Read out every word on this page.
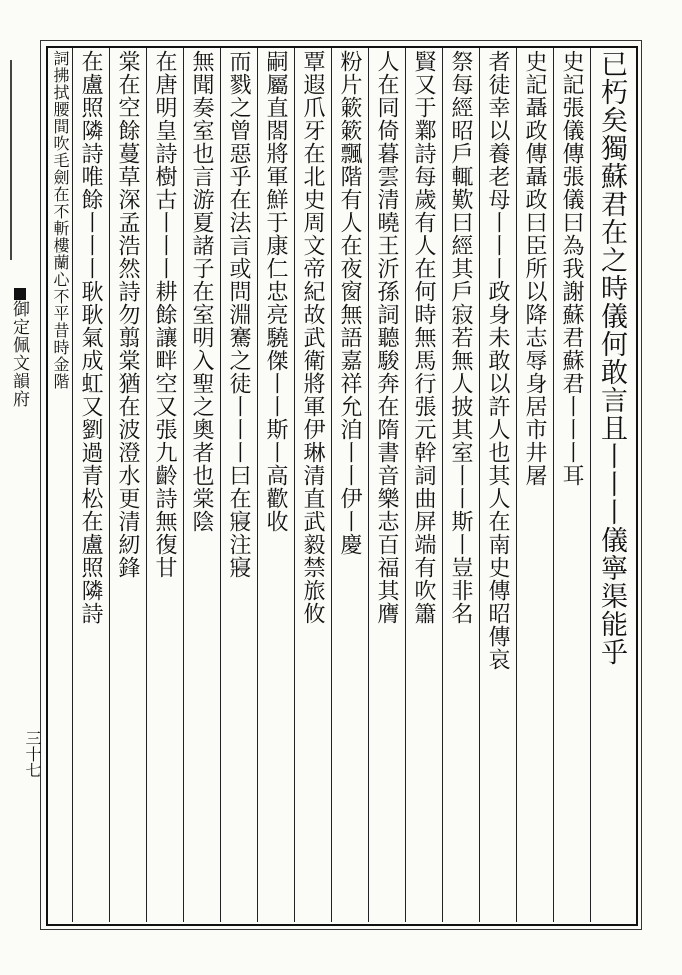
御定佩文韻府
三十七
已朽矣獨蘇君在之時儀何敢言且丨丨丨儀寧渠能乎
史記張儀傳張儀曰為我謝蘇君蘇君丨丨丨耳
史記聶政傳聶政曰臣所以降志辱身居市井屠
者徒幸以養老母丨丨丨政身未敢以許人也其人在南史傳昭傳哀
祭每經昭戶輒歎曰經其戶寂若無人披其室丨丨斯丨豈非名
賢又于鄴詩每歲有人在何時無馬行張元幹詞曲屏端有吹簫
人在同倚暮雲清曉王沂孫詞聽駿奔在隋書音樂志百福其膺
粉片簌簌飄階有人在夜窗無語嘉祥允洎丨丨伊丨慶
覃遐爪牙在北史周文帝紀故武衛將軍伊琳清直武毅禁旅攸
嗣屬直閤將軍鮮于康仁忠亮驍傑丨丨斯丨高歡收
而戮之曾惡乎在法言或問淵騫之徒丨丨丨曰在寢注寢
無聞奏室也言游夏諸子在室明入聖之奧者也棠陰
在唐明皇詩樹古丨丨丨耕餘讓畔空又張九齡詩無復甘
棠在空餘蔓草深孟浩然詩勿翦棠猶在波澄水更清紉鋒
在盧照隣詩唯餘丨丨丨耿耿氣成虹又劉過青松在盧照隣詩
詞拂拭腰間吹毛劍在不斬樓蘭心不平昔時金階
